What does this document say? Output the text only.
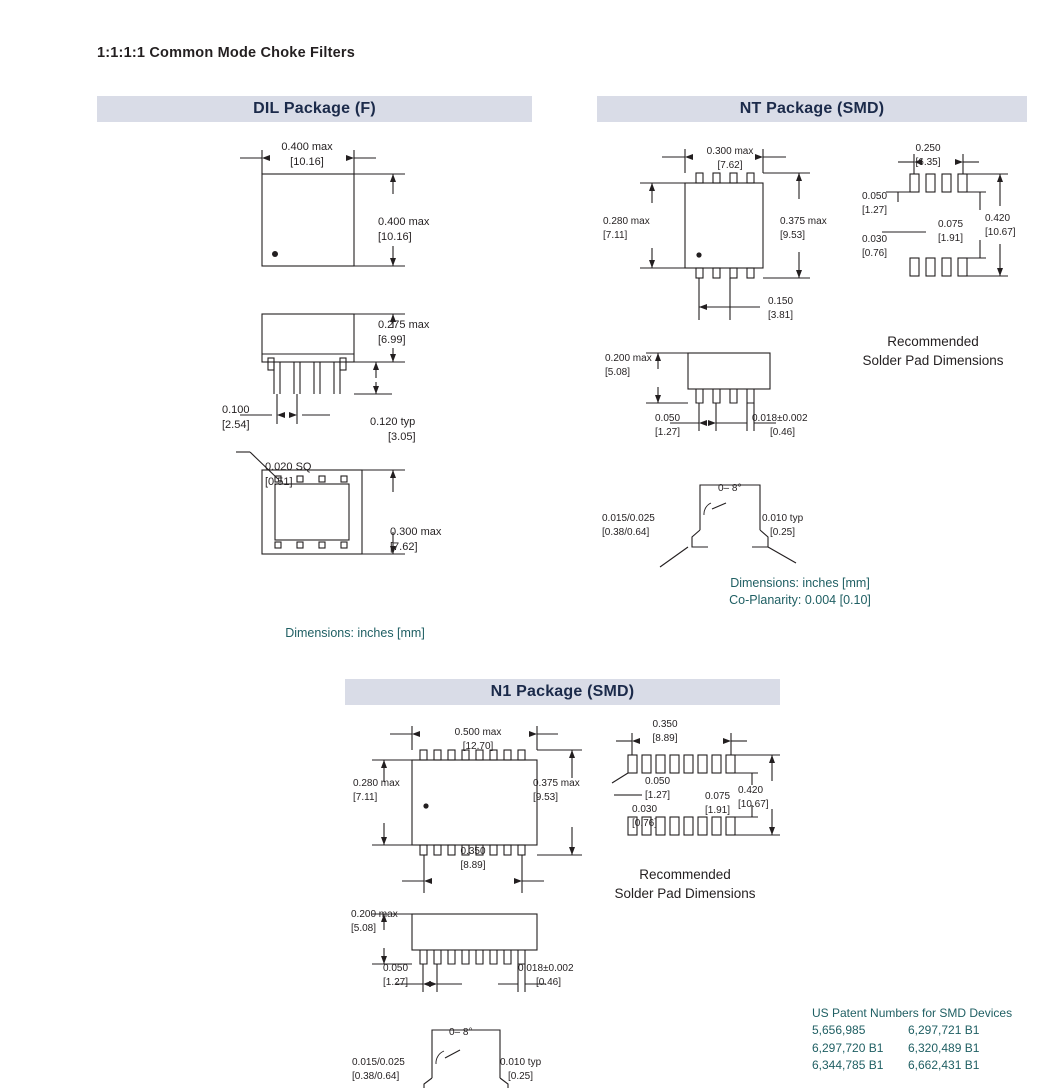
1:1:1:1 Common Mode Choke Filters
DIL Package (F)
0.400 max
[10.16]
0.400 max
[10.16]
0.275 max
[6.99]
0.100
[2.54]	0.120 typ
[3.05]
0.020 SQ
[0.51]
0.300 max
[7.62]
Dimensions: inches [mm]
NT Package (SMD)
0.300 max
[7.62]
0.280 max
[7.11]
0.375 max
[9.53]
0.150
[3.81]
0.200 max
[5.08]
0.050
[1.27]
0.018±0.002
[0.46]
0.015/0.025
[0.38/0.64]
0.010 typ
[0.25]
0– 8°
0.250
[6.35]
0.050
[1.27]
0.030
[0.76]
0.075
[1.91]
0.420
[10.67]
Recommended
Solder Pad Dimensions
Dimensions: inches [mm]
Co-Planarity: 0.004 [0.10]
N1 Package (SMD)
0.500 max
[12.70]
0.280 max
[7.11]
0.375 max
[9.53]
0.350
[8.89]
0.200 max
[5.08]
0.050
[1.27]
0.018±0.002
[0.46]
0.015/0.025
[0.38/0.64]
0.010 typ
[0.25]
0– 8°
0.350
[8.89]
0.050
[1.27]
0.030
[0.76]
0.075
[1.91]
0.420
[10.67]
Recommended
Solder Pad Dimensions
US Patent Numbers for SMD Devices
5,656,985	6,297,721 B1
6,297,720 B1	6,320,489 B1
6,344,785 B1	6,662,431 B1
